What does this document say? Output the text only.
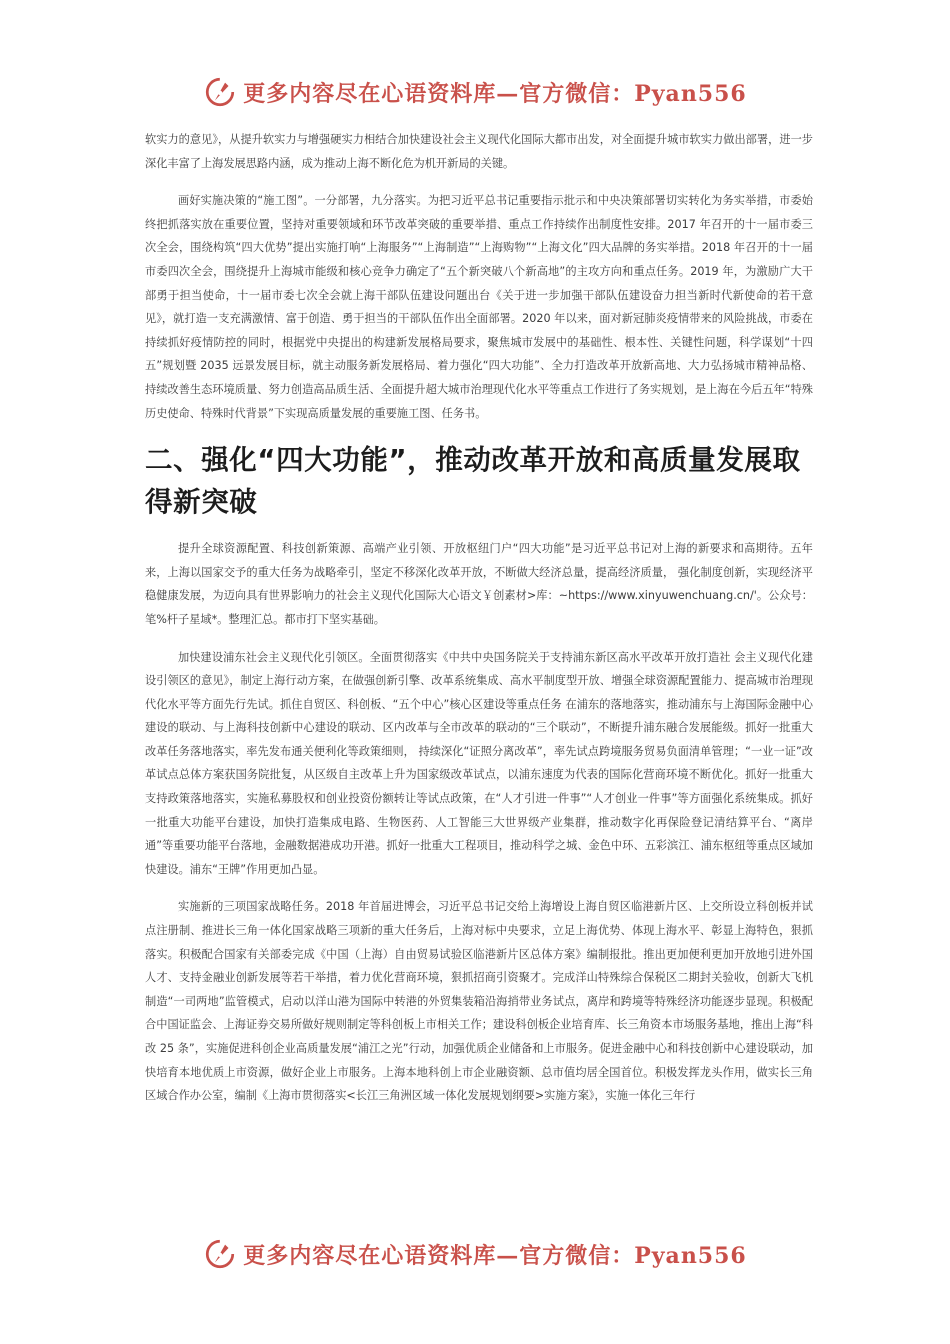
更多内容尽在心语资料库—官方微信：Pyan556

软实力的意见》，从提升软实力与增强硬实力相结合加快建设社会主义现代化国际大都市出发，对全面提升城市软实力做出部署，进一步深化丰富了上海发展思路内涵，成为推动上海不断化危为机开新局的关键。

画好实施决策的“施工图”。一分部署，九分落实。为把习近平总书记重要指示批示和中央决策部署切实转化为务实举措，市委始终把抓落实放在重要位置，坚持对重要领域和环节改革突破的重要举措、重点工作持续作出制度性安排。2017 年召开的十一届市委三次全会，围绕构筑“四大优势”提出实施打响“上海服务”“上海制造”“上海购物”“上海文化”四大品牌的务实举措。2018 年召开的十一届市委四次全会，围绕提升上海城市能级和核心竞争力确定了“五个新突破八个新高地”的主攻方向和重点任务。2019 年，为激励广大干部勇于担当使命，十一届市委七次全会就上海干部队伍建设问题出台《关于进一步加强干部队伍建设奋力担当新时代新使命的若干意见》，就打造一支充满激情、富于创造、勇于担当的干部队伍作出全面部署。2020 年以来，面对新冠肺炎疫情带来的风险挑战，市委在持续抓好疫情防控的同时，根据党中央提出的构建新发展格局要求，聚焦城市发展中的基础性、根本性、关键性问题，科学谋划“十四五”规划暨 2035 远景发展目标，就主动服务新发展格局、着力强化“四大功能”、全力打造改革开放新高地、大力弘扬城市精神品格、持续改善生态环境质量、努力创造高品质生活、全面提升超大城市治理现代化水平等重点工作进行了务实规划，是上海在今后五年“特殊历史使命、特殊时代背景”下实现高质量发展的重要施工图、任务书。

二、强化“四大功能”，推动改革开放和高质量发展取得新突破

提升全球资源配置、科技创新策源、高端产业引领、开放枢纽门户“四大功能”是习近平总书记对上海的新要求和高期待。五年来，上海以国家交予的重大任务为战略牵引，坚定不移深化改革开放，不断做大经济总量，提高经济质量， 强化制度创新，实现经济平稳健康发展，为迈向具有世界影响力的社会主义现代化国际大心语文￥创素材>库：~https://www.xinyuwenchuang.cn/'。公众号：笔%杆子星域*。整理汇总。都市打下坚实基础。

加快建设浦东社会主义现代化引领区。全面贯彻落实《中共中央国务院关于支持浦东新区高水平改革开放打造社 会主义现代化建设引领区的意见》，制定上海行动方案，在做强创新引擎、改革系统集成、高水平制度型开放、增强全球资源配置能力、提高城市治理现代化水平等方面先行先试。抓住自贸区、科创板、“五个中心”核心区建设等重点任务 在浦东的落地落实，推动浦东与上海国际金融中心建设的联动、与上海科技创新中心建设的联动、区内改革与全市改革的联动的“三个联动”，不断提升浦东融合发展能级。抓好一批重大改革任务落地落实，率先发布通关便利化等政策细则， 持续深化“证照分离改革”，率先试点跨境服务贸易负面清单管理；“一业一证”改革试点总体方案获国务院批复，从区级自主改革上升为国家级改革试点，以浦东速度为代表的国际化营商环境不断优化。抓好一批重大支持政策落地落实，实施私募股权和创业投资份额转让等试点政策，在“人才引进一件事”“人才创业一件事”等方面强化系统集成。抓好一批重大功能平台建设，加快打造集成电路、生物医药、人工智能三大世界级产业集群，推动数字化再保险登记清结算平台、“离岸通”等重要功能平台落地，金融数据港成功开港。抓好一批重大工程项目，推动科学之城、金色中环、五彩滨江、浦东枢纽等重点区域加快建设。浦东“王牌”作用更加凸显。

实施新的三项国家战略任务。2018 年首届进博会，习近平总书记交给上海增设上海自贸区临港新片区、上交所设立科创板并试点注册制、推进长三角一体化国家战略三项新的重大任务后，上海对标中央要求，立足上海优势、体现上海水平、彰显上海特色，狠抓落实。积极配合国家有关部委完成《中国（上海）自由贸易试验区临港新片区总体方案》编制报批。推出更加便利更加开放地引进外国人才、支持金融业创新发展等若干举措，着力优化营商环境，狠抓招商引资聚才。完成洋山特殊综合保税区二期封关验收，创新大飞机制造“一司两地”监管模式，启动以洋山港为国际中转港的外贸集装箱沿海捎带业务试点，离岸和跨境等特殊经济功能逐步显现。积极配合中国证监会、上海证券交易所做好规则制定等科创板上市相关工作；建设科创板企业培育库、长三角资本市场服务基地，推出上海“科改 25 条”，实施促进科创企业高质量发展“浦江之光”行动，加强优质企业储备和上市服务。促进金融中心和科技创新中心建设联动，加快培育本地优质上市资源，做好企业上市服务。上海本地科创上市企业融资额、总市值均居全国首位。积极发挥龙头作用，做实长三角区域合作办公室，编制《上海市贯彻落实<长江三角洲区域一体化发展规划纲要>实施方案》，实施一体化三年行

更多内容尽在心语资料库—官方微信：Pyan556
